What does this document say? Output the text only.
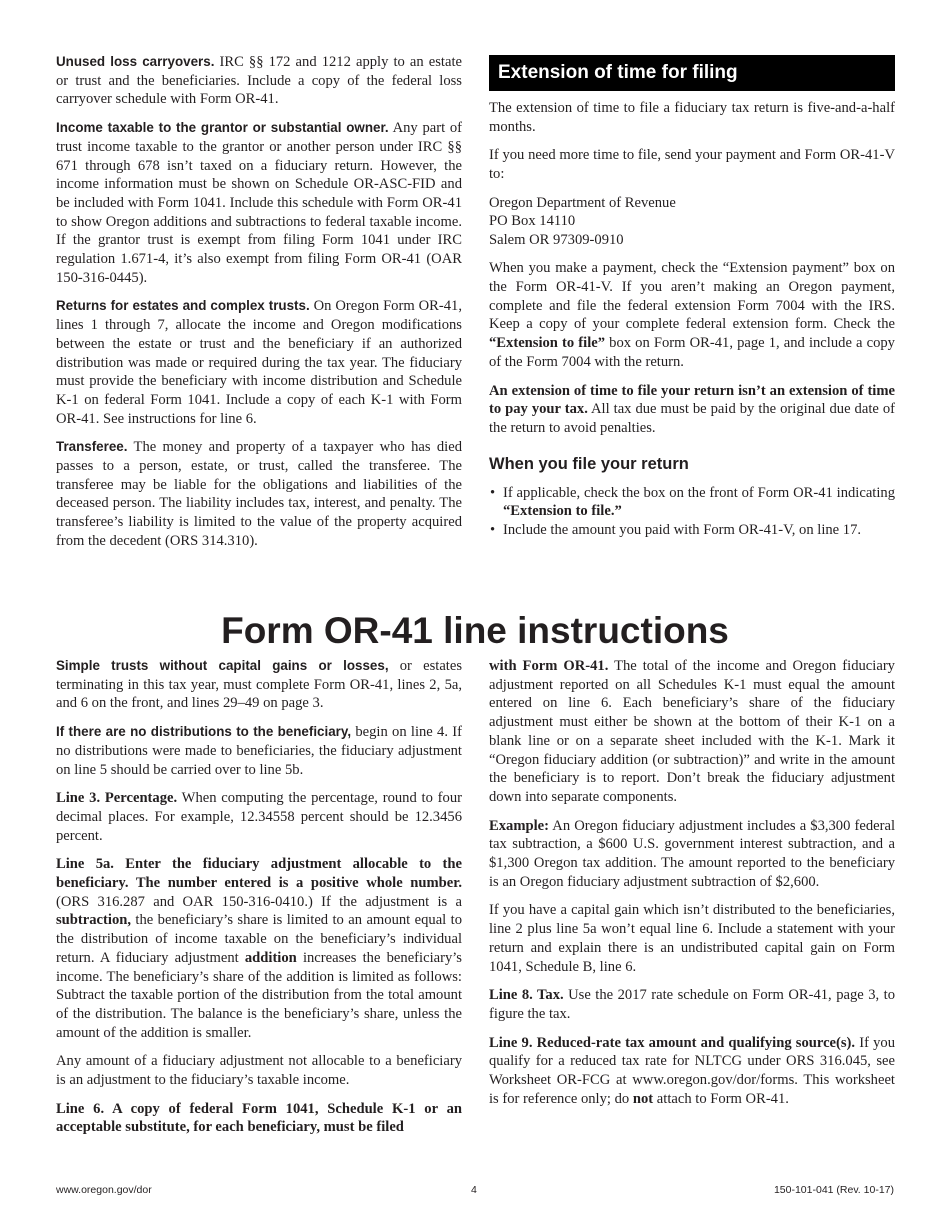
Unused loss carryovers. IRC §§ 172 and 1212 apply to an estate or trust and the beneficiaries. Include a copy of the federal loss carryover schedule with Form OR-41.

Income taxable to the grantor or substantial owner. Any part of trust income taxable to the grantor or another person under IRC §§ 671 through 678 isn’t taxed on a fiduciary return. However, the income information must be shown on Schedule OR-ASC-FID and be included with Form 1041. Include this schedule with Form OR-41 to show Oregon additions and subtractions to federal taxable income. If the grantor trust is exempt from filing Form 1041 under IRC regulation 1.671-4, it’s also exempt from filing Form OR-41 (OAR 150-316-0445).

Returns for estates and complex trusts. On Oregon Form OR-41, lines 1 through 7, allocate the income and Oregon modifications between the estate or trust and the beneficiary if an authorized distribution was made or required during the tax year. The fiduciary must provide the beneficiary with income distribution and Schedule K-1 on federal Form 1041. Include a copy of each K-1 with Form OR-41. See instructions for line 6.

Transferee. The money and property of a taxpayer who has died passes to a person, estate, or trust, called the transferee. The transferee may be liable for the obligations and liabilities of the deceased person. The liability includes tax, interest, and penalty. The transferee’s liability is limited to the value of the property acquired from the decedent (ORS 314.310).

Extension of time for filing

The extension of time to file a fiduciary tax return is five-and-a-half months.

If you need more time to file, send your payment and Form OR-41-V to:

Oregon Department of Revenue
PO Box 14110
Salem OR 97309-0910

When you make a payment, check the “Extension payment” box on the Form OR-41-V. If you aren’t making an Oregon payment, complete and file the federal extension Form 7004 with the IRS. Keep a copy of your complete federal extension form. Check the “Extension to file” box on Form OR-41, page 1, and include a copy of the Form 7004 with the return.

An extension of time to file your return isn’t an extension of time to pay your tax. All tax due must be paid by the original due date of the return to avoid penalties.

When you file your return
• If applicable, check the box on the front of Form OR-41 indicating “Extension to file.”
• Include the amount you paid with Form OR-41-V, on line 17.
Form OR-41 line instructions

Simple trusts without capital gains or losses, or estates terminating in this tax year, must complete Form OR-41, lines 2, 5a, and 6 on the front, and lines 29–49 on page 3.

If there are no distributions to the beneficiary, begin on line 4. If no distributions were made to beneficiaries, the fiduciary adjustment on line 5 should be carried over to line 5b.

Line 3. Percentage. When computing the percentage, round to four decimal places. For example, 12.34558 percent should be 12.3456 percent.

Line 5a. Enter the fiduciary adjustment allocable to the beneficiary. The number entered is a positive whole number. (ORS 316.287 and OAR 150-316-0410.) If the adjustment is a subtraction, the beneficiary’s share is limited to an amount equal to the distribution of income taxable on the beneficiary’s individual return. A fiduciary adjustment addition increases the beneficiary’s income. The beneficiary’s share of the addition is limited as follows: Subtract the taxable portion of the distribution from the total amount of the distribution. The balance is the beneficiary’s share, unless the amount of the addition is smaller.

Any amount of a fiduciary adjustment not allocable to a beneficiary is an adjustment to the fiduciary’s taxable income.

Line 6. A copy of federal Form 1041, Schedule K-1 or an acceptable substitute, for each beneficiary, must be filed

with Form OR-41. The total of the income and Oregon fiduciary adjustment reported on all Schedules K-1 must equal the amount entered on line 6. Each beneficiary’s share of the fiduciary adjustment must either be shown at the bottom of their K-1 on a blank line or on a separate sheet included with the K-1. Mark it “Oregon fiduciary addition (or subtraction)” and write in the amount the beneficiary is to report. Don’t break the fiduciary adjustment down into separate components.

Example: An Oregon fiduciary adjustment includes a $3,300 federal tax subtraction, a $600 U.S. government interest subtraction, and a $1,300 Oregon tax addition. The amount reported to the beneficiary is an Oregon fiduciary adjustment subtraction of $2,600.

If you have a capital gain which isn’t distributed to the beneficiaries, line 2 plus line 5a won’t equal line 6. Include a statement with your return and explain there is an undistributed capital gain on Form 1041, Schedule B, line 6.

Line 8. Tax. Use the 2017 rate schedule on Form OR-41, page 3, to figure the tax.

Line 9. Reduced-rate tax amount and qualifying source(s). If you qualify for a reduced tax rate for NLTCG under ORS 316.045, see Worksheet OR-FCG at www.oregon.gov/dor/forms. This worksheet is for reference only; do not attach to Form OR-41.

www.oregon.gov/dor	4	150-101-041 (Rev. 10-17)
